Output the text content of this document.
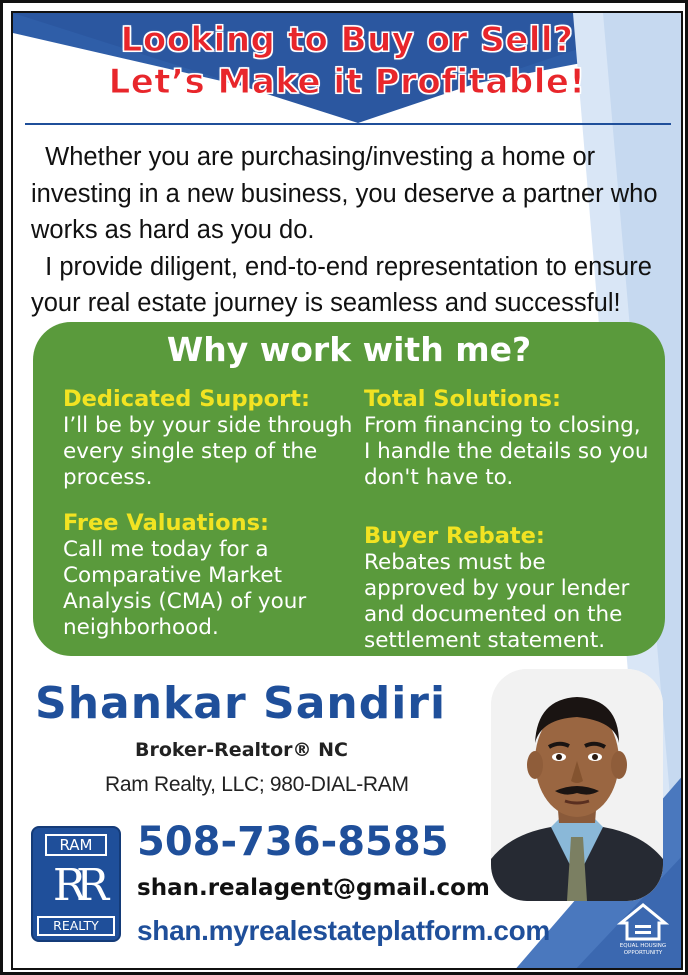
Looking to Buy or Sell?
Let’s Make it Profitable!

Whether you are purchasing/investing a home or investing in a new business, you deserve a partner who works as hard as you do.

I provide diligent, end-to-end representation to ensure your real estate journey is seamless and successful!

Why work with me?
Dedicated Support:
I’ll be by your side through every single step of the process.
Free Valuations:
Call me today for a Comparative Market Analysis (CMA) of your neighborhood.
Total Solutions:
From financing to closing, I handle the details so you don't have to.
Buyer Rebate:
Rebates must be approved by your lender and documented on the settlement statement.
Shankar Sandiri
Broker-Realtor® NC
Ram Realty, LLC; 980-DIAL-RAM
RAM
RR
REALTY
508-736-8585
shan.realagent@gmail.com
shan.myrealestateplatform.com	EQUAL HOUSING
OPPORTUNITY
